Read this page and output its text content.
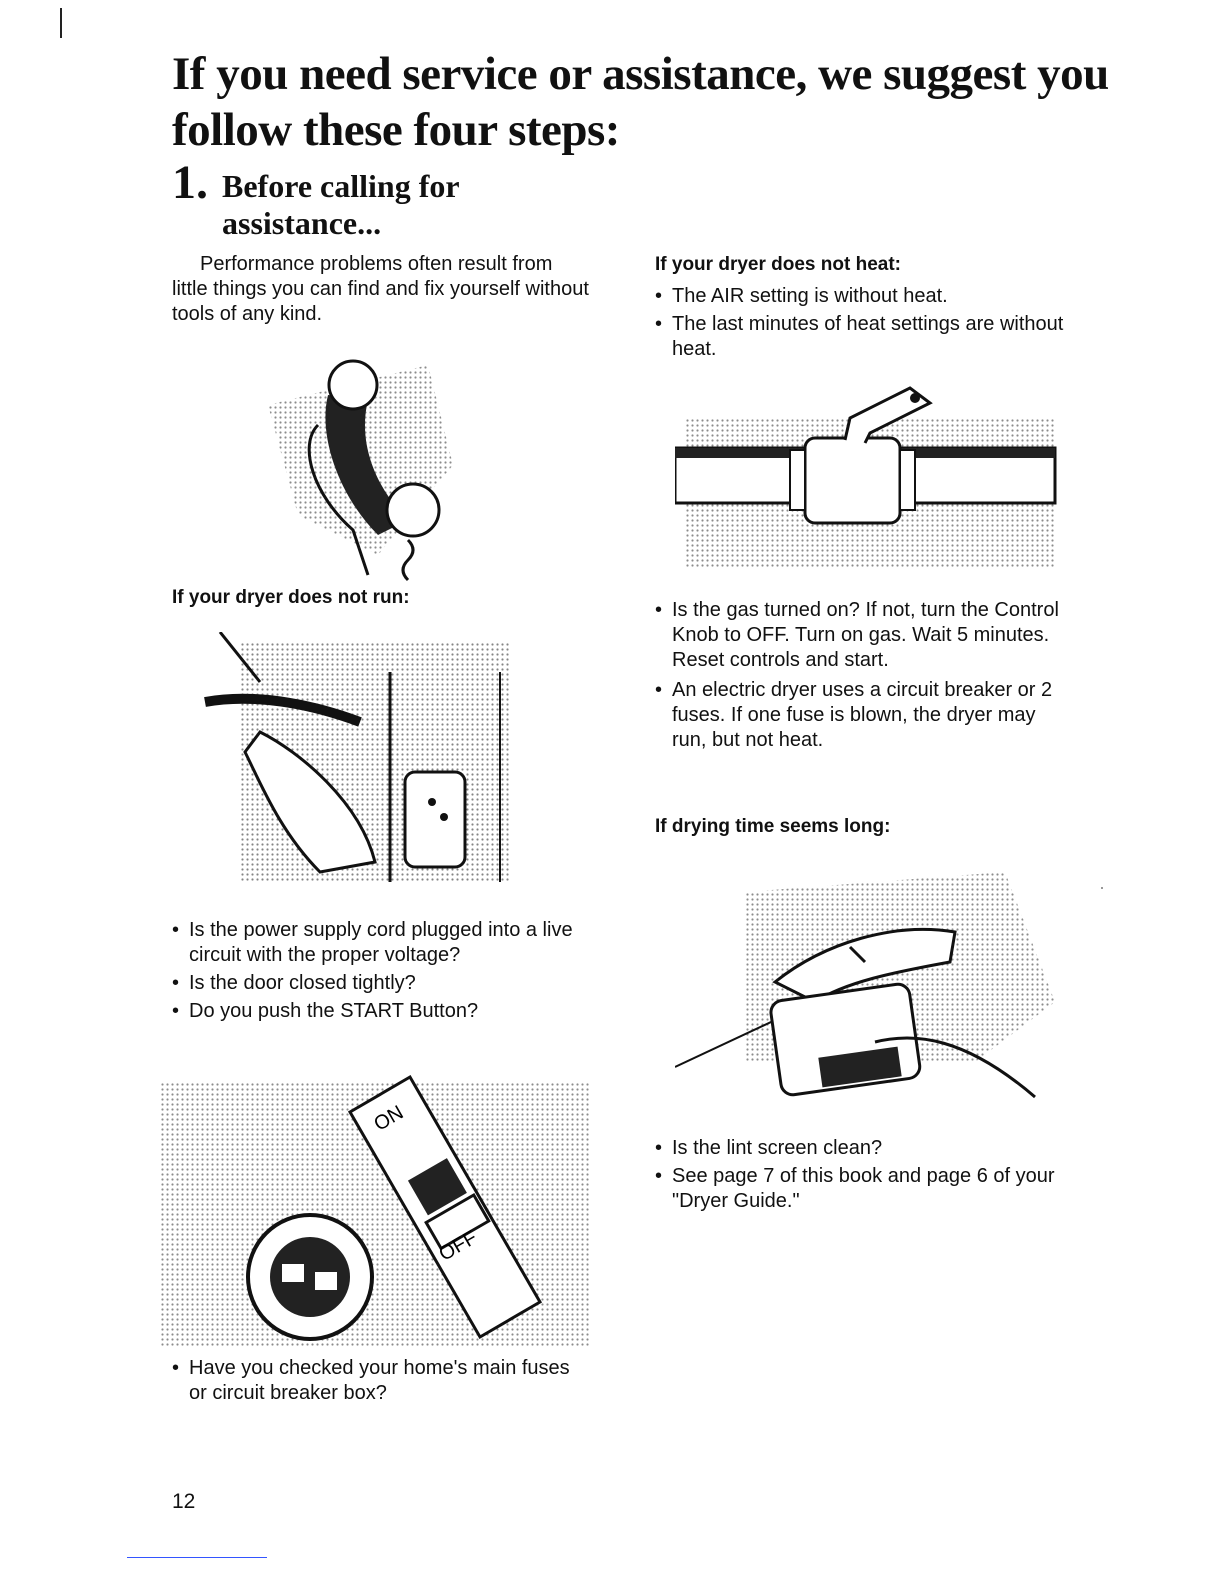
If you need service or assistance, we suggest you follow these four steps:
1. Before calling for assistance...

Performance problems often result from little things you can find and fix yourself without tools of any kind.

If your dryer does not run:
• Is the power supply cord plugged into a live circuit with the proper voltage?
• Is the door closed tightly?
• Do you push the START Button?
ON
OFF
• Have you checked your home's main fuses or circuit breaker box?
If your dryer does not heat:
• The AIR setting is without heat.
• The last minutes of heat settings are without heat.
• Is the gas turned on? If not, turn the Control Knob to OFF. Turn on gas. Wait 5 minutes. Reset controls and start.
• An electric dryer uses a circuit breaker or 2 fuses. If one fuse is blown, the dryer may run, but not heat.
If drying time seems long:
• Is the lint screen clean?
• See page 7 of this book and page 6 of your "Dryer Guide."
12
